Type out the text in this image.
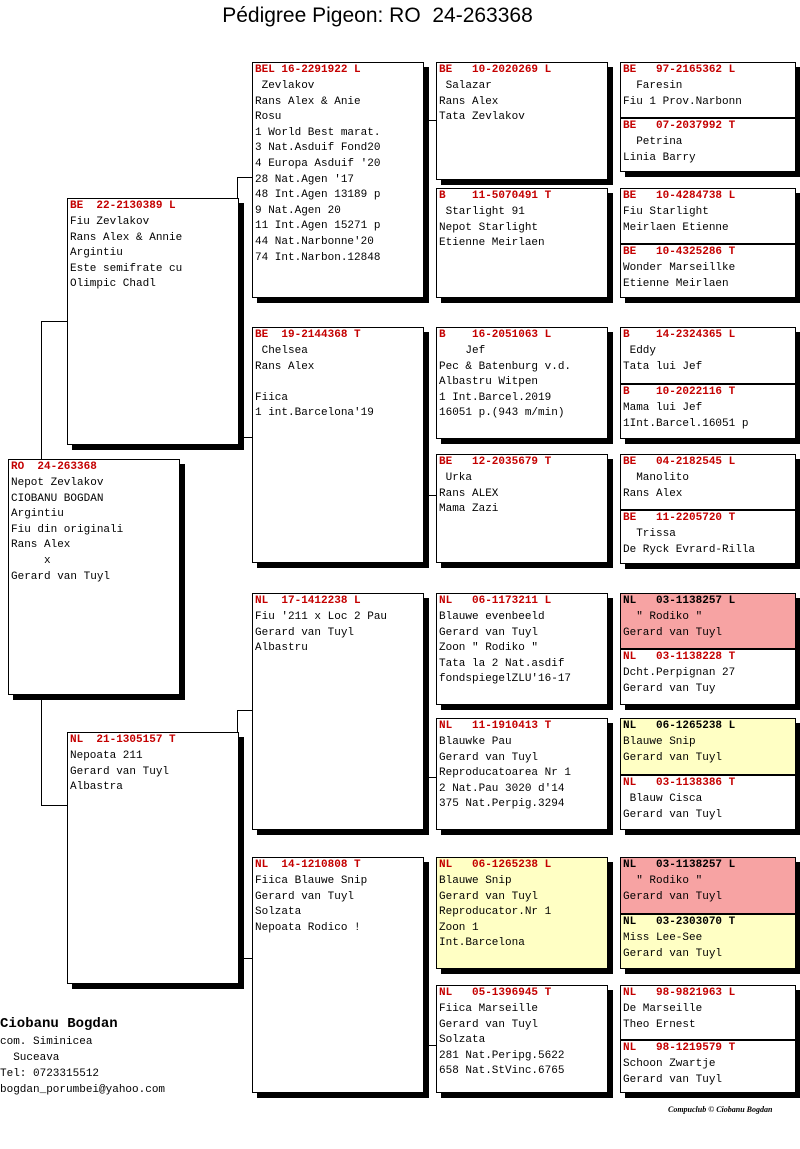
Pédigree Pigeon: RO  24-263368
RO  24-263368
Nepot Zevlakov
CIOBANU BOGDAN
Argintiu
Fiu din originali
Rans Alex
x
Gerard van Tuyl
BE  22-2130389 L
Fiu Zevlakov
Rans Alex & Annie
Argintiu
Este semifrate cu
Olimpic Chadl
NL  21-1305157 T
Nepoata 211
Gerard van Tuyl
Albastra
BEL 16-2291922 L
Zevlakov
Rans Alex & Anie
Rosu
1 World Best marat.
3 Nat.Asduif Fond20
4 Europa Asduif '20
28 Nat.Agen '17
48 Int.Agen 13189 p
9 Nat.Agen 20
11 Int.Agen 15271 p
44 Nat.Narbonne'20
74 Int.Narbon.12848
BE  19-2144368 T
Chelsea
Rans Alex

Fiica
1 int.Barcelona'19
NL  17-1412238 L
Fiu '211 x Loc 2 Pau
Gerard van Tuyl
Albastru
NL  14-1210808 T
Fiica Blauwe Snip
Gerard van Tuyl
Solzata
Nepoata Rodico !
BE   10-2020269 L
Salazar
Rans Alex
Tata Zevlakov
B    11-5070491 T
Starlight 91
Nepot Starlight
Etienne Meirlaen
B    16-2051063 L
Jef
Pec & Batenburg v.d.
Albastru Witpen
1 Int.Barcel.2019
16051 p.(943 m/min)
BE   12-2035679 T
Urka
Rans ALEX
Mama Zazi
NL   06-1173211 L
Blauwe evenbeeld
Gerard van Tuyl
Zoon " Rodiko "
Tata la 2 Nat.asdif
fondspiegelZLU'16-17
NL   11-1910413 T
Blauwke Pau
Gerard van Tuyl
Reproducatoarea Nr 1
2 Nat.Pau 3020 d'14
375 Nat.Perpig.3294
NL   06-1265238 L
Blauwe Snip
Gerard van Tuyl
Reproducator.Nr 1
Zoon 1
Int.Barcelona
NL   05-1396945 T
Fiica Marseille
Gerard van Tuyl
Solzata
281 Nat.Peripg.5622
658 Nat.StVinc.6765
BE   97-2165362 L
Faresin
Fiu 1 Prov.Narbonn
BE   07-2037992 T
Petrina
Linia Barry
BE   10-4284738 L
Fiu Starlight
Meirlaen Etienne
BE   10-4325286 T
Wonder Marseillke
Etienne Meirlaen
B    14-2324365 L
Eddy
Tata lui Jef
B    10-2022116 T
Mama lui Jef
1Int.Barcel.16051 p
BE   04-2182545 L
Manolito
Rans Alex
BE   11-2205720 T
Trissa
De Ryck Evrard-Rilla
NL   03-1138257 L
" Rodiko "
Gerard van Tuyl
NL   03-1138228 T
Dcht.Perpignan 27
Gerard van Tuy
NL   06-1265238 L
Blauwe Snip
Gerard van Tuyl
NL   03-1138386 T
Blauw Cisca
Gerard van Tuyl
NL   03-1138257 L
" Rodiko "
Gerard van Tuyl
NL   03-2303070 T
Miss Lee-See
Gerard van Tuyl
NL   98-9821963 L
De Marseille
Theo Ernest
NL   98-1219579 T
Schoon Zwartje
Gerard van Tuyl
Ciobanu Bogdan
com. Siminicea
Suceava
Tel: 0723315512
bogdan_porumbei@yahoo.com
Compuclub © Ciobanu Bogdan
